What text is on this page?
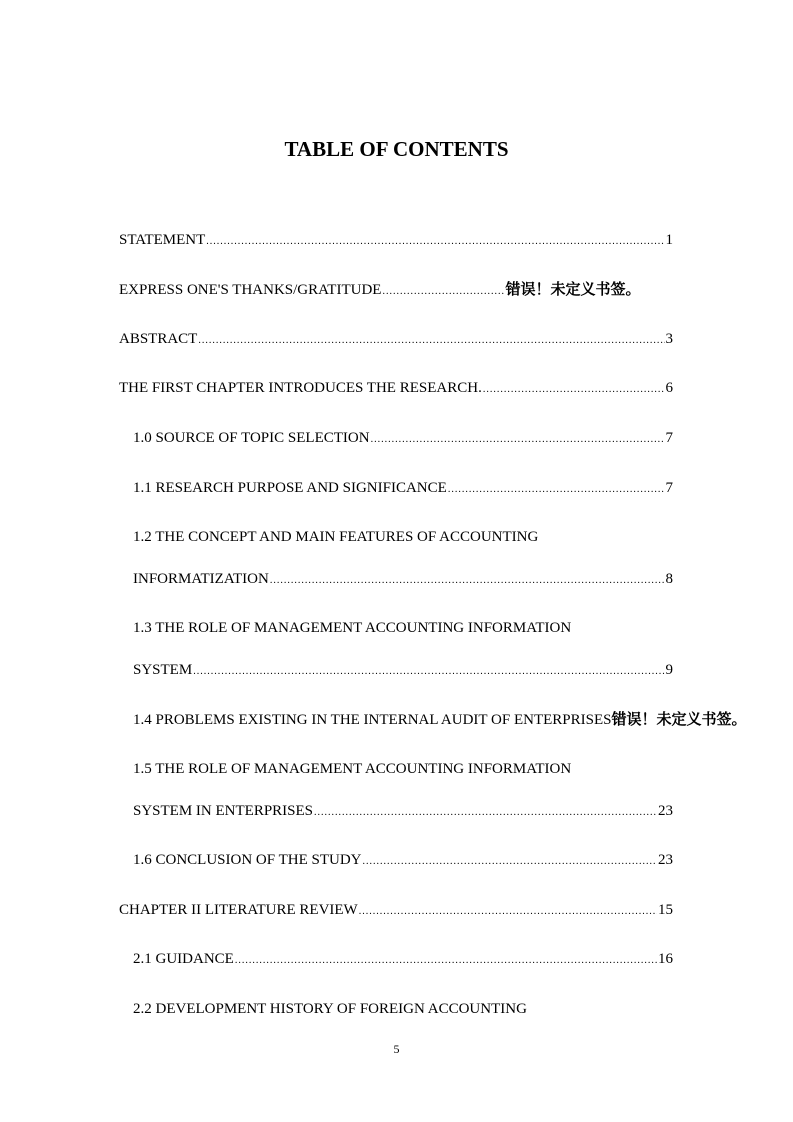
TABLE OF CONTENTS
STATEMENT .....	1
EXPRESS ONE'S THANKS/GRATITUDE .....	错误！未定义书签。
ABSTRACT .....	3
THE FIRST CHAPTER INTRODUCES THE RESEARCH. .....	6
1.0 SOURCE OF TOPIC SELECTION .....	7
1.1 RESEARCH PURPOSE AND SIGNIFICANCE .....	7
1.2 THE CONCEPT AND MAIN FEATURES OF ACCOUNTING
INFORMATIZATION .....	8
1.3 THE ROLE OF MANAGEMENT ACCOUNTING INFORMATION
SYSTEM .....	9
1.4 PROBLEMS EXISTING IN THE INTERNAL AUDIT OF ENTERPRISES 错误！未定义书签。
1.5 THE ROLE OF MANAGEMENT ACCOUNTING INFORMATION
SYSTEM IN ENTERPRISES .....	23
1.6 CONCLUSION OF THE STUDY .....	23
CHAPTER II LITERATURE REVIEW .....	15
2.1 GUIDANCE .....	16
2.2 DEVELOPMENT HISTORY OF FOREIGN ACCOUNTING
5
